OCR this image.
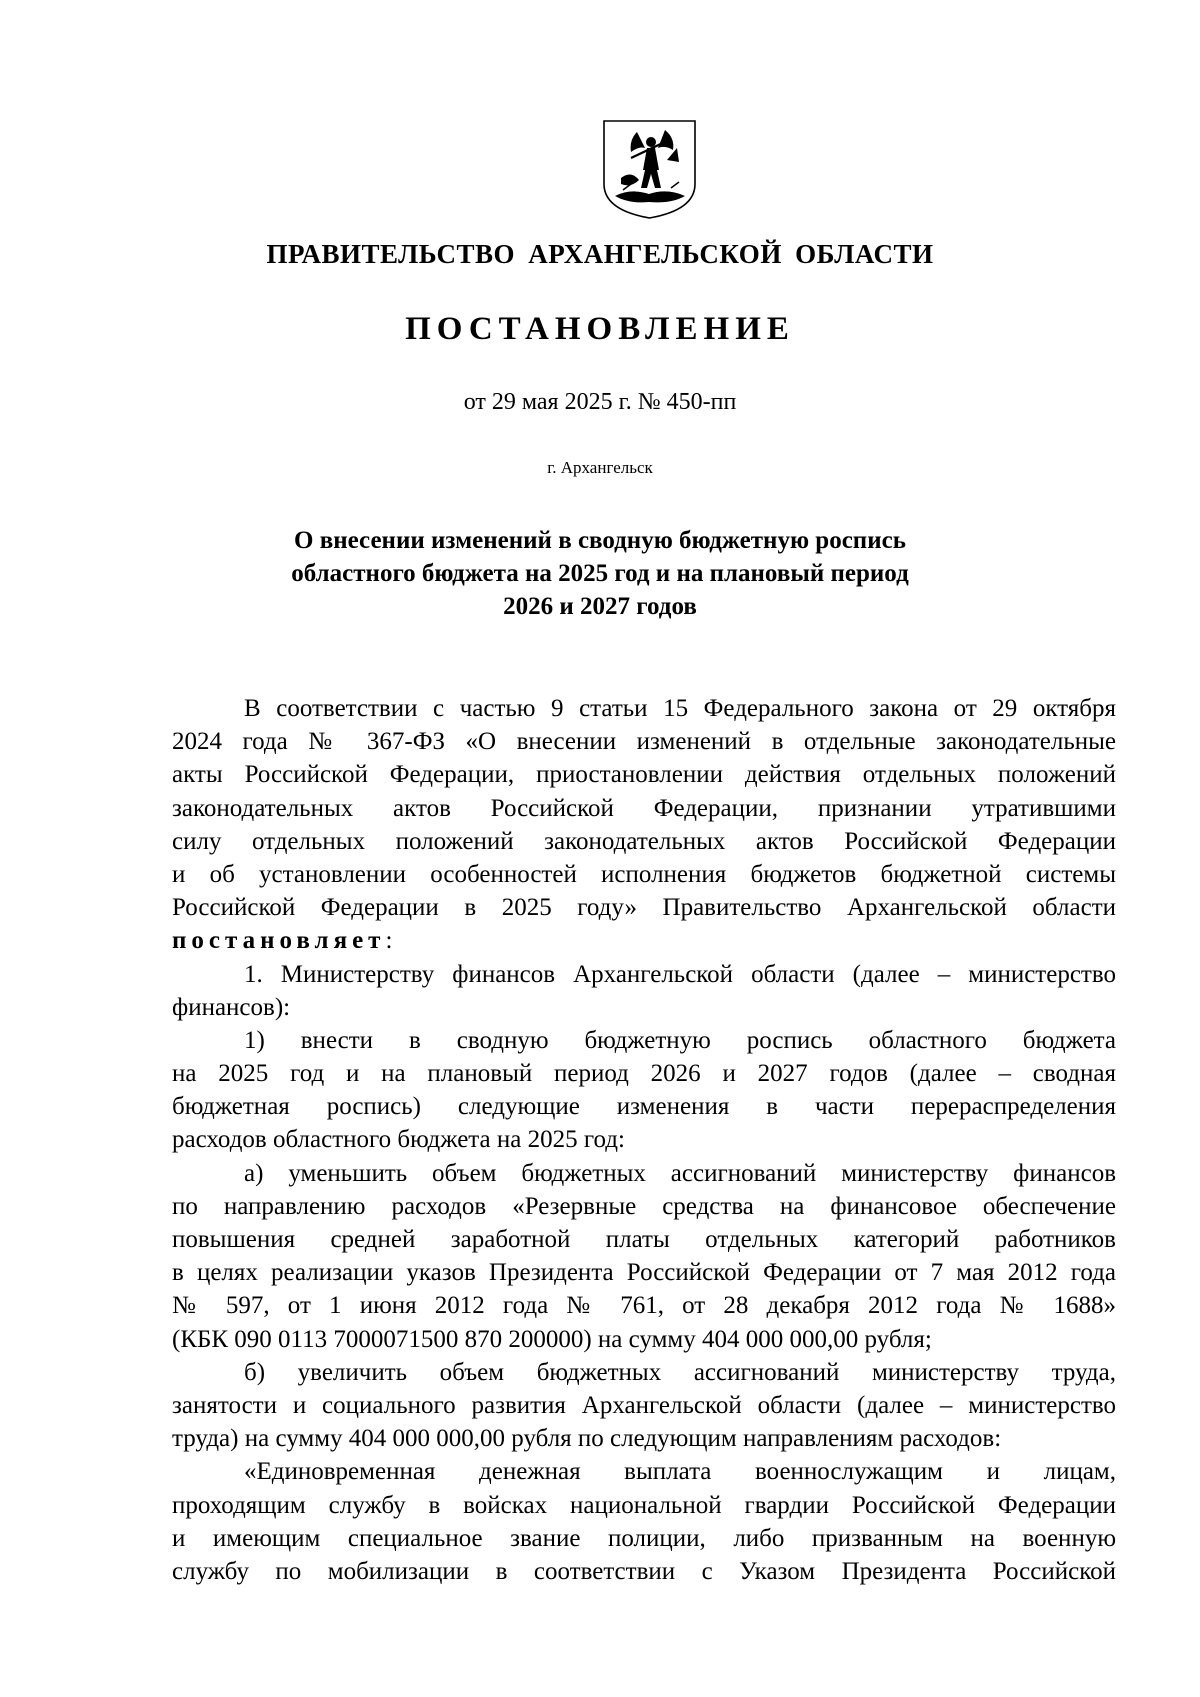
ПРАВИТЕЛЬСТВО АРХАНГЕЛЬСКОЙ ОБЛАСТИ
ПОСТАНОВЛЕНИЕ
от 29 мая 2025 г. № 450-пп
г. Архангельск
О внесении изменений в сводную бюджетную роспись
областного бюджета на 2025 год и на плановый период
2026 и 2027 годов
В соответствии с частью 9 статьи 15 Федерального закона от 29 октября
2024 года № 367-ФЗ «О внесении изменений в отдельные законодательные
акты Российской Федерации, приостановлении действия отдельных положений
законодательных актов Российской Федерации, признании утратившими
силу отдельных положений законодательных актов Российской Федерации
и об установлении особенностей исполнения бюджетов бюджетной системы
Российской Федерации в 2025 году» Правительство Архангельской области
постановляет:
1. Министерству финансов Архангельской области (далее – министерство
финансов):
1) внести в сводную бюджетную роспись областного бюджета
на 2025 год и на плановый период 2026 и 2027 годов (далее – сводная
бюджетная роспись) следующие изменения в части перераспределения
расходов областного бюджета на 2025 год:
а) уменьшить объем бюджетных ассигнований министерству финансов
по направлению расходов «Резервные средства на финансовое обеспечение
повышения средней заработной платы отдельных категорий работников
в целях реализации указов Президента Российской Федерации от 7 мая 2012 года
№ 597, от 1 июня 2012 года № 761, от 28 декабря 2012 года № 1688»
(КБК 090 0113 7000071500 870 200000) на сумму 404 000 000,00 рубля;
б) увеличить объем бюджетных ассигнований министерству труда,
занятости и социального развития Архангельской области (далее – министерство
труда) на сумму 404 000 000,00 рубля по следующим направлениям расходов:
«Единовременная денежная выплата военнослужащим и лицам,
проходящим службу в войсках национальной гвардии Российской Федерации
и имеющим специальное звание полиции, либо призванным на военную
службу по мобилизации в соответствии с Указом Президента Российской
